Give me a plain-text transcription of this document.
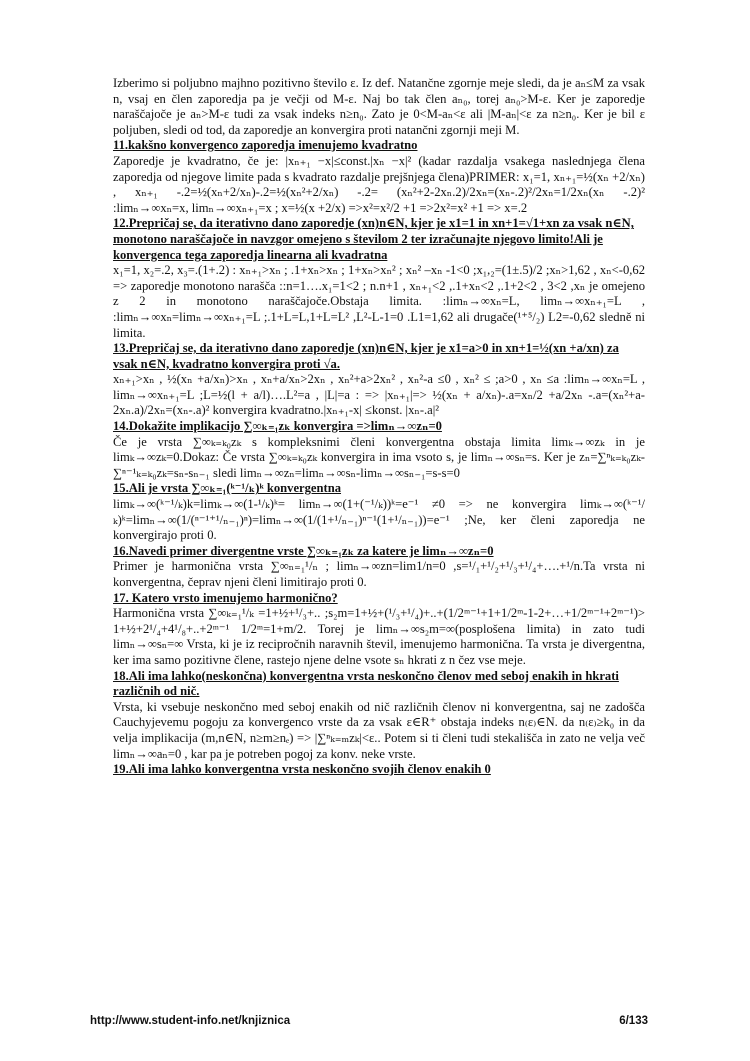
Izberimo si poljubno majhno pozitivno število ε. Iz def. Natančne zgornje meje sledi, da je aₙ≤M za vsak n, vsaj en člen zaporedja pa je večji od M-ε. Naj bo tak člen aₙ₀, torej aₙ₀>M-ε. Ker je zaporedje naraščajoče je aₙ>M-ε tudi za vsak indeks n≥n₀. Zato je 0<M-aₙ<ε ali |M-aₙ|<ε za n≥n₀. Ker je bil ε poljuben, sledi od tod, da zaporedje an konvergira proti natančni zgornji meji M.

11.kakšno konvergenco zaporedja imenujemo kvadratno

Zaporedje je kvadratno, če je: |xₙ₊₁ −x|≤const.|xₙ −x|² (kadar razdalja vsakega naslednjega člena zaporedja od njegove limite pada s kvadrato razdalje prejšnjega člena)PRIMER: x₁=1, xₙ₊₁=½(xₙ +2/xₙ) , xₙ₊₁ -.2=½(xₙ+2/xₙ)-.2=½(xₙ²+2/xₙ) -.2= (xₙ²+2-2xₙ.2)/2xₙ=(xₙ-.2)²/2xₙ=1/2xₙ(xₙ -.2)² :limₙ→∞xₙ=x, limₙ→∞xₙ₊₁=x ; x=½(x +2/x) =>x²=x²/2 +1 =>2x²=x² +1 => x=.2

12.Prepričaj se, da iterativno dano zaporedje (xn)n∈N, kjer je x1=1 in xn+1=√1+xn za vsak n∈N, monotono naraščajoče in navzgor omejeno s številom 2 ter izračunajte njegovo limito!Ali je konvergenca tega zaporedja linearna ali kvadratna

x₁=1, x₂=.2, x₃=.(1+.2) : xₙ₊₁>xₙ ; .1+xₙ>xₙ ; 1+xₙ>xₙ² ; xₙ² –xₙ -1<0 ;x₁,₂=(1±.5)/2 ;xₙ>1,62 , xₙ<-0,62 => zaporedje monotono narašča ::n=1….x₁=1<2 ; n.n+1 , xₙ₊₁<2 ,.1+xₙ<2 ,.1+2<2 , 3<2 ,xₙ je omejeno z 2 in monotono naraščajoče.Obstaja limita. :limₙ→∞xₙ=L, limₙ→∞xₙ₊₁=L , :limₙ→∞xₙ=limₙ→∞xₙ₊₁=L ;.1+L=L,1+L=L² ,L²-L-1=0 .L1=1,62 ali drugače(¹⁺⁵/₂) L2=-0,62 sledně ni limita.

13.Prepričaj se, da iterativno dano zaporedje (xn)n∈N, kjer je x1=a>0 in xn+1=½(xn +a/xn) za vsak n∈N, kvadratno konvergira proti √a.

xₙ₊₁>xₙ , ½(xₙ +a/xₙ)>xₙ , xₙ+a/xₙ>2xₙ , xₙ²+a>2xₙ² , xₙ²-a ≤0 , xₙ² ≤ ;a>0 , xₙ ≤a :limₙ→∞xₙ=L , limₙ→∞xₙ₊₁=L ;L=½(l + a/l)….L²=a , |L|=a : => |xₙ₊₁|=> ½(xₙ + a/xₙ)-.a=xₙ/2 +a/2xₙ -.a=(xₙ²+a-2xₙ.a)/2xₙ=(xₙ-.a)² konvergira kvadratno.|xₙ₊₁-x| ≤konst. |xₙ-.a|²

14.Dokažite implikacijo ∑∞ₖ₌₁zₖ konvergira =>limₙ→∞zₙ=0

Če je vrsta ∑∞ₖ₌ₖ₀zₖ s kompleksnimi členi konvergentna obstaja limita limₖ→∞zₖ in je limₖ→∞zₖ=0.Dokaz: Če vrsta ∑∞ₖ₌ₖ₀zₖ konvergira in ima vsoto s, je limₙ→∞sₙ=s. Ker je zₙ=∑ⁿₖ₌ₖ₀zₖ-∑ⁿ⁻¹ₖ₌ₖ₀zₖ=sₙ-sₙ₋₁ sledi limₙ→∞zₙ=limₙ→∞sₙ-limₙ→∞sₙ₋₁=s-s=0

15.Ali je vrsta ∑∞ₖ₌₁(ᵏ⁻¹/ₖ)ᵏ konvergentna

limₖ→∞(ᵏ⁻¹/ₖ)k=limₖ→∞(1-¹/ₖ)ᵏ= limₙ→∞(1+(⁻¹/ₖ))ᵏ=e⁻¹ ≠0 => ne konvergira limₖ→∞(ᵏ⁻¹/ₖ)ᵏ=limₙ→∞(1/(ⁿ⁻¹⁺¹/ₙ₋₁)ⁿ)=limₙ→∞(1/(1+¹/ₙ₋₁)ⁿ⁻¹(1+¹/ₙ₋₁))=e⁻¹ ;Ne, ker členi zaporedja ne konvergirajo proti 0.

16.Navedi primer divergentne vrste ∑∞ₖ₌₁zₖ za katere je limₙ→∞zₙ=0

Primer je harmonična vrsta ∑∞ₙ₌₁¹/ₙ ; limₙ→∞zn=lim1/n=0 ,s=¹/₁+¹/₂+¹/₃+¹/₄+….+¹/n.Ta vrsta ni konvergentna, čeprav njeni členi limitirajo proti 0.

17. Katero vrsto imenujemo harmonično?

Harmonična vrsta ∑∞ₖ₌₁¹/ₖ =1+½+¹/₃+.. ;s₂m=1+½+(¹/₃+¹/₄)+..+(1/2ᵐ⁻¹+1+1/2ᵐ-1-2+…+1/2ᵐ⁻¹+2ᵐ⁻¹)> 1+½+2¹/₄+4¹/₈+..+2ᵐ⁻¹ 1/2ᵐ=1+m/2. Torej je limₙ→∞s₂m=∞(posplošena limita) in zato tudi limₙ→∞sₙ=∞ Vrsta, ki je iz recipročnih naravnih števil, imenujemo harmonična. Ta vrsta je divergentna, ker ima samo pozitivne člene, rastejo njene delne vsote sₙ hkrati z n čez vse meje.

18.Ali ima lahko(neskončna) konvergentna vrsta neskončno členov med seboj enakih in hkrati različnih od nič.

Vrsta, ki vsebuje neskončno med seboj enakih od nič različnih členov ni konvergentna, saj ne zadošča Cauchyjevemu pogoju za konvergenco vrste da za vsak ε∈R⁺ obstaja indeks n₍ε₎∈N. da n₍ε₎≥k₀ in da velja implikacija (m,n∈N, n≥m≥nₑ) => |∑ⁿₖ₌ₘzₖ|<ε.. Potem si ti členi tudi stekališča in zato ne velja več limₙ→∞aₙ=0 , kar pa je potreben pogoj za konv. neke vrste.

19.Ali ima lahko konvergentna vrsta neskončno svojih členov enakih 0
http://www.student-info.net/knjiznica	6/133
